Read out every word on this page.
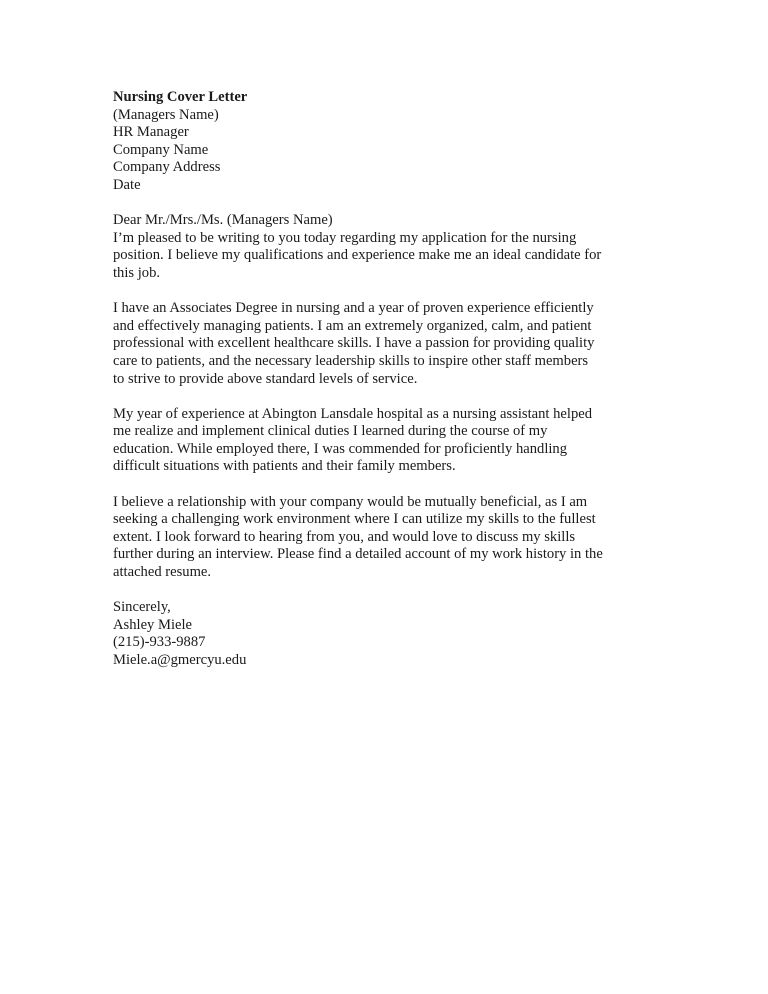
Nursing Cover Letter
(Managers Name)
HR Manager
Company Name
Company Address
Date
Dear Mr./Mrs./Ms. (Managers Name)
I’m pleased to be writing to you today regarding my application for the nursing
position. I believe my qualifications and experience make me an ideal candidate for
this job.
I have an Associates Degree in nursing and a year of proven experience efficiently
and effectively managing patients. I am an extremely organized, calm, and patient
professional with excellent healthcare skills. I have a passion for providing quality
care to patients, and the necessary leadership skills to inspire other staff members
to strive to provide above standard levels of service.
My year of experience at Abington Lansdale hospital as a nursing assistant helped
me realize and implement clinical duties I learned during the course of my
education. While employed there, I was commended for proficiently handling
difficult situations with patients and their family members.
I believe a relationship with your company would be mutually beneficial, as I am
seeking a challenging work environment where I can utilize my skills to the fullest
extent. I look forward to hearing from you, and would love to discuss my skills
further during an interview. Please find a detailed account of my work history in the
attached resume.
Sincerely,
Ashley Miele
(215)-933-9887
Miele.a@gmercyu.edu
